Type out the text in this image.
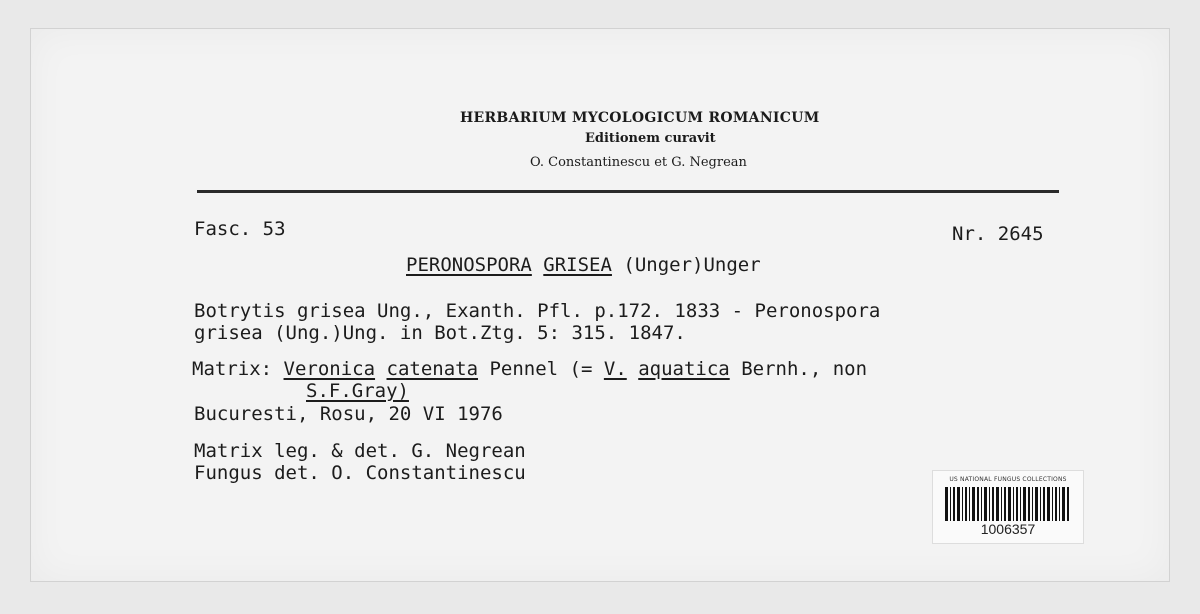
HERBARIUM MYCOLOGICUM ROMANICUM
Editionem curavit
O. Constantinescu et G. Negrean
Fasc. 53	Nr. 2645
PERONOSPORA GRISEA (Unger)Unger
Botrytis grisea Ung., Exanth. Pfl. p.172. 1833 - Peronospora
grisea (Ung.)Ung. in Bot.Ztg. 5: 315. 1847.
Matrix: Veronica catenata Pennel (= V. aquatica Bernh., non
S.F.Gray)
Bucuresti, Rosu, 20 VI 1976
Matrix leg. & det. G. Negrean
Fungus det. O. Constantinescu	US NATIONAL FUNGUS COLLECTIONS
1006357
